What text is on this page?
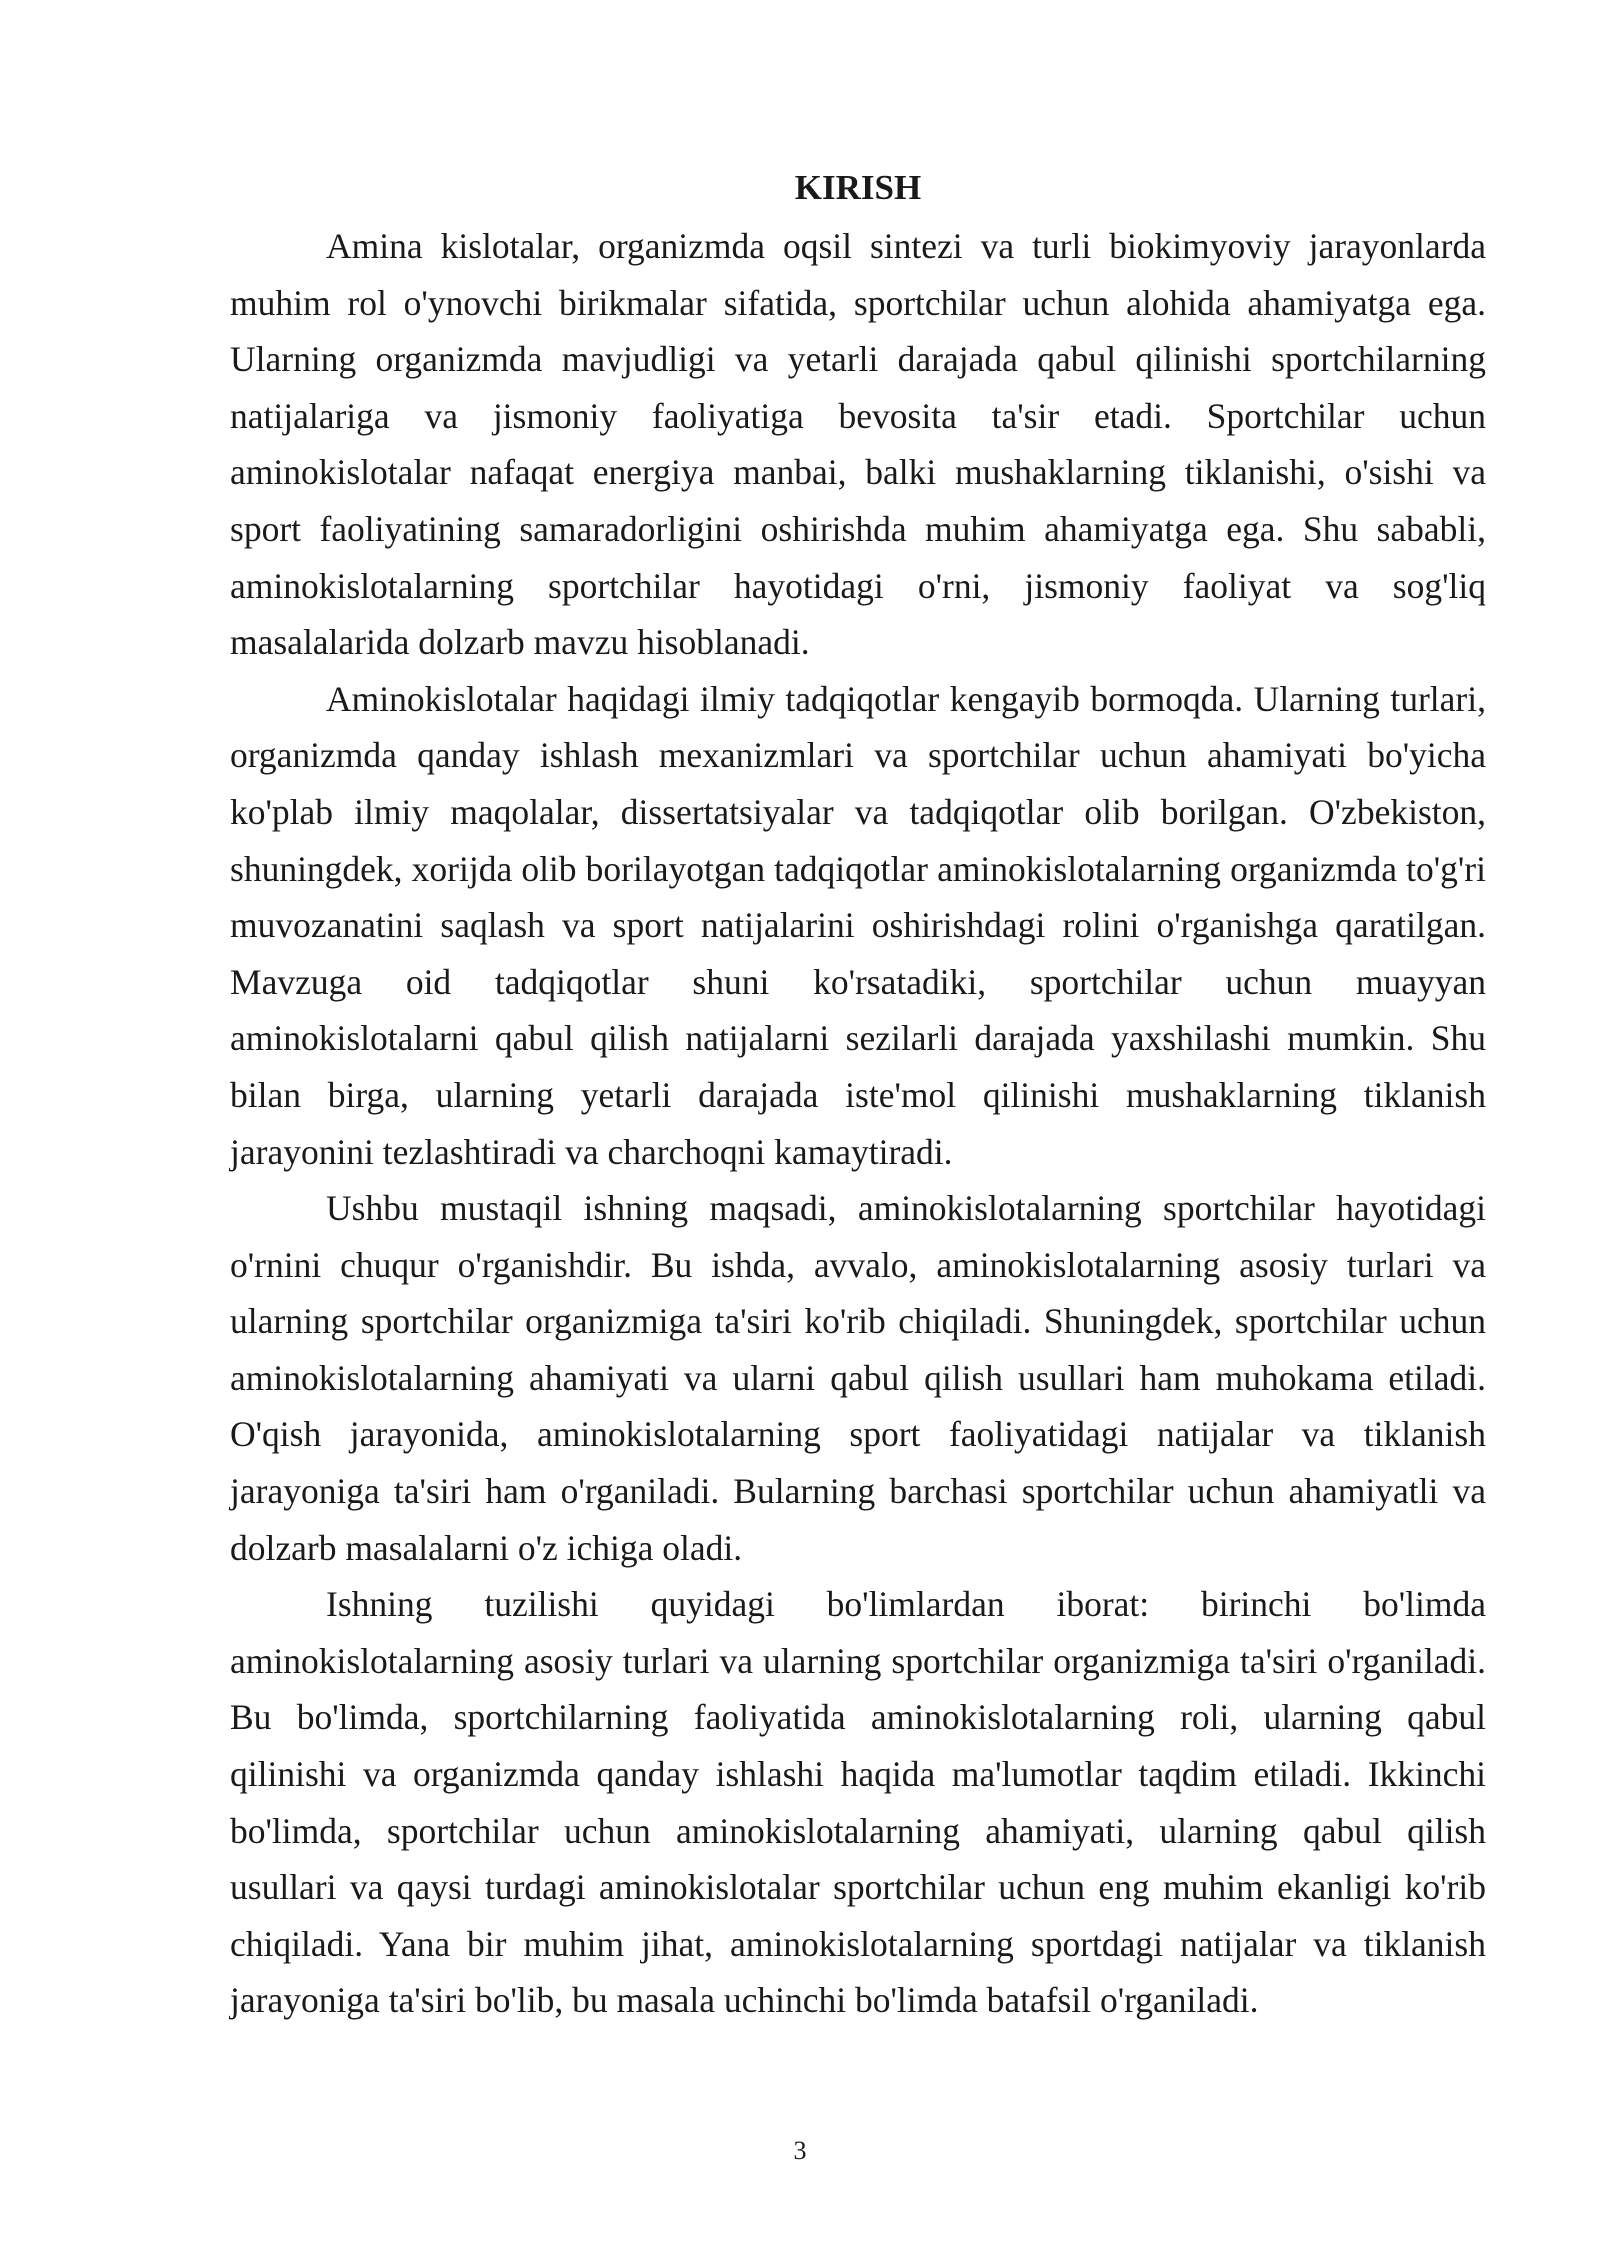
KIRISH

Amina kislotalar, organizmda oqsil sintezi va turli biokimyoviy jarayonlarda muhim rol o'ynovchi birikmalar sifatida, sportchilar uchun alohida ahamiyatga ega. Ularning organizmda mavjudligi va yetarli darajada qabul qilinishi sportchilarning natijalariga va jismoniy faoliyatiga bevosita ta'sir etadi. Sportchilar uchun aminokislotalar nafaqat energiya manbai, balki mushaklarning tiklanishi, o'sishi va sport faoliyatining samaradorligini oshirishda muhim ahamiyatga ega. Shu sababli, aminokislotalarning sportchilar hayotidagi o'rni, jismoniy faoliyat va sog'liq masalalarida dolzarb mavzu hisoblanadi.

Aminokislotalar haqidagi ilmiy tadqiqotlar kengayib bormoqda. Ularning turlari, organizmda qanday ishlash mexanizmlari va sportchilar uchun ahamiyati bo'yicha ko'plab ilmiy maqolalar, dissertatsiyalar va tadqiqotlar olib borilgan. O'zbekiston, shuningdek, xorijda olib borilayotgan tadqiqotlar aminokislotalarning organizmda to'g'ri muvozanatini saqlash va sport natijalarini oshirishdagi rolini o'rganishga qaratilgan. Mavzuga oid tadqiqotlar shuni ko'rsatadiki, sportchilar uchun muayyan aminokislotalarni qabul qilish natijalarni sezilarli darajada yaxshilashi mumkin. Shu bilan birga, ularning yetarli darajada iste'mol qilinishi mushaklarning tiklanish jarayonini tezlashtiradi va charchoqni kamaytiradi.

Ushbu mustaqil ishning maqsadi, aminokislotalarning sportchilar hayotidagi o'rnini chuqur o'rganishdir. Bu ishda, avvalo, aminokislotalarning asosiy turlari va ularning sportchilar organizmiga ta'siri ko'rib chiqiladi. Shuningdek, sportchilar uchun aminokislotalarning ahamiyati va ularni qabul qilish usullari ham muhokama etiladi. O'qish jarayonida, aminokislotalarning sport faoliyatidagi natijalar va tiklanish jarayoniga ta'siri ham o'rganiladi. Bularning barchasi sportchilar uchun ahamiyatli va dolzarb masalalarni o'z ichiga oladi.

Ishning tuzilishi quyidagi bo'limlardan iborat: birinchi bo'limda aminokislotalarning asosiy turlari va ularning sportchilar organizmiga ta'siri o'rganiladi. Bu bo'limda, sportchilarning faoliyatida aminokislotalarning roli, ularning qabul qilinishi va organizmda qanday ishlashi haqida ma'lumotlar taqdim etiladi. Ikkinchi bo'limda, sportchilar uchun aminokislotalarning ahamiyati, ularning qabul qilish usullari va qaysi turdagi aminokislotalar sportchilar uchun eng muhim ekanligi ko'rib chiqiladi. Yana bir muhim jihat, aminokislotalarning sportdagi natijalar va tiklanish jarayoniga ta'siri bo'lib, bu masala uchinchi bo'limda batafsil o'rganiladi.

3
